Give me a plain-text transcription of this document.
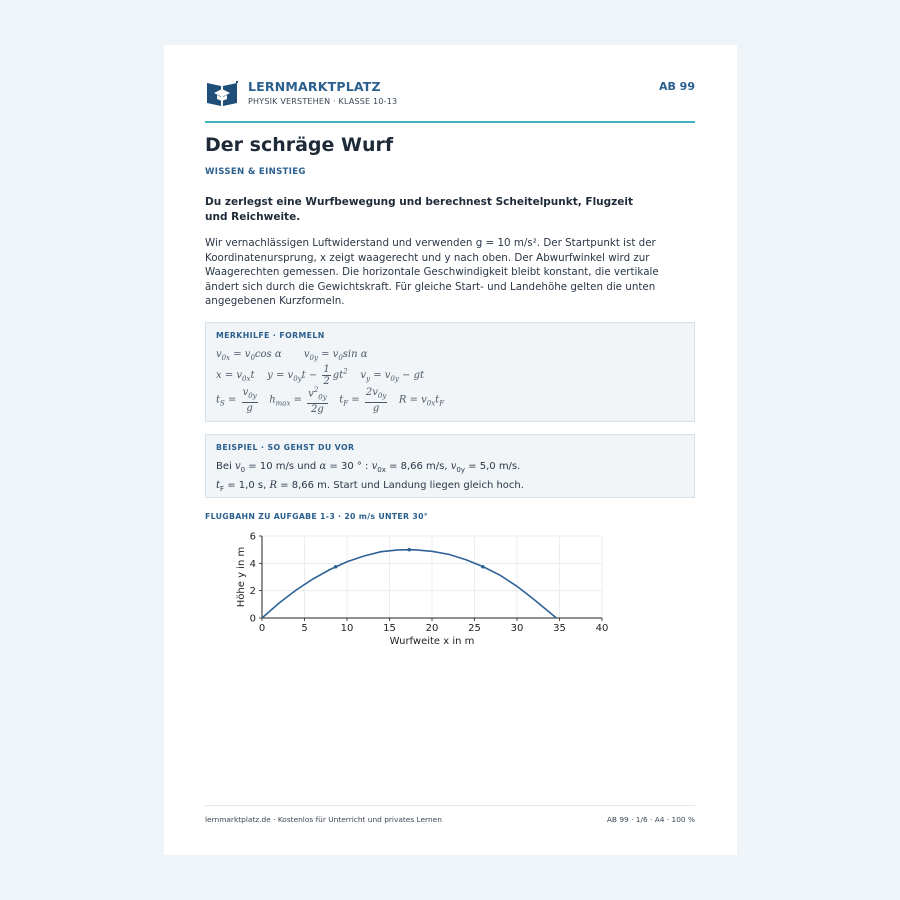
LERNMARKTPLATZ
PHYSIK VERSTEHEN · KLASSE 10-13
AB 99
Der schräge Wurf
WISSEN & EINSTIEG
Du zerlegst eine Wurfbewegung und berechnest Scheitelpunkt, Flugzeit und Reichweite.
Wir vernachlässigen Luftwiderstand und verwenden g = 10 m/s². Der Startpunkt ist der Koordinatenursprung, x zeigt waagerecht und y nach oben. Der Abwurfwinkel wird zur Waagerechten gemessen. Die horizontale Geschwindigkeit bleibt konstant, die vertikale ändert sich durch die Gewichtskraft. Für gleiche Start- und Landehöhe gelten die unten angegebenen Kurzformeln.
MERKHILFE · FORMELN
$v_{0x} = v_0\cos$ α       $v_{0y} = v_0\sin$ α
$x = v_{0x}t$    $y = v_{0y}t - \frac{1}{2} gt^2$    $v_y = v_{0y}$ − gt
$t_S = \frac{v_{0y}}{g} h_{max} = \frac{v^2_{0y}}{2g} t_F = \frac{2v_{0y}}{g}$ $R = v_{0x}t_F$
BEISPIEL · SO GEHST DU VOR
Bei $v_0 = 10$ m/s und α = 30 ° : $v_{0x} = 8,66$ m/s, $v_{0y} = 5,0$ m/s.
$t_F = 1,0$ s, R = 8,66 m. Start und Landung liegen gleich hoch.
FLUGBAHN ZU AUFGABE 1-3 · 20 m/s UNTER 30°
0	5	10	15	20	25	30	35	40
0
2
4
6
Wurfweite x in m
Höhe y in m
lernmarktplatz.de · Kostenlos für Unterricht und privates Lernen	AB 99 · 1/6 · A4 · 100 %
